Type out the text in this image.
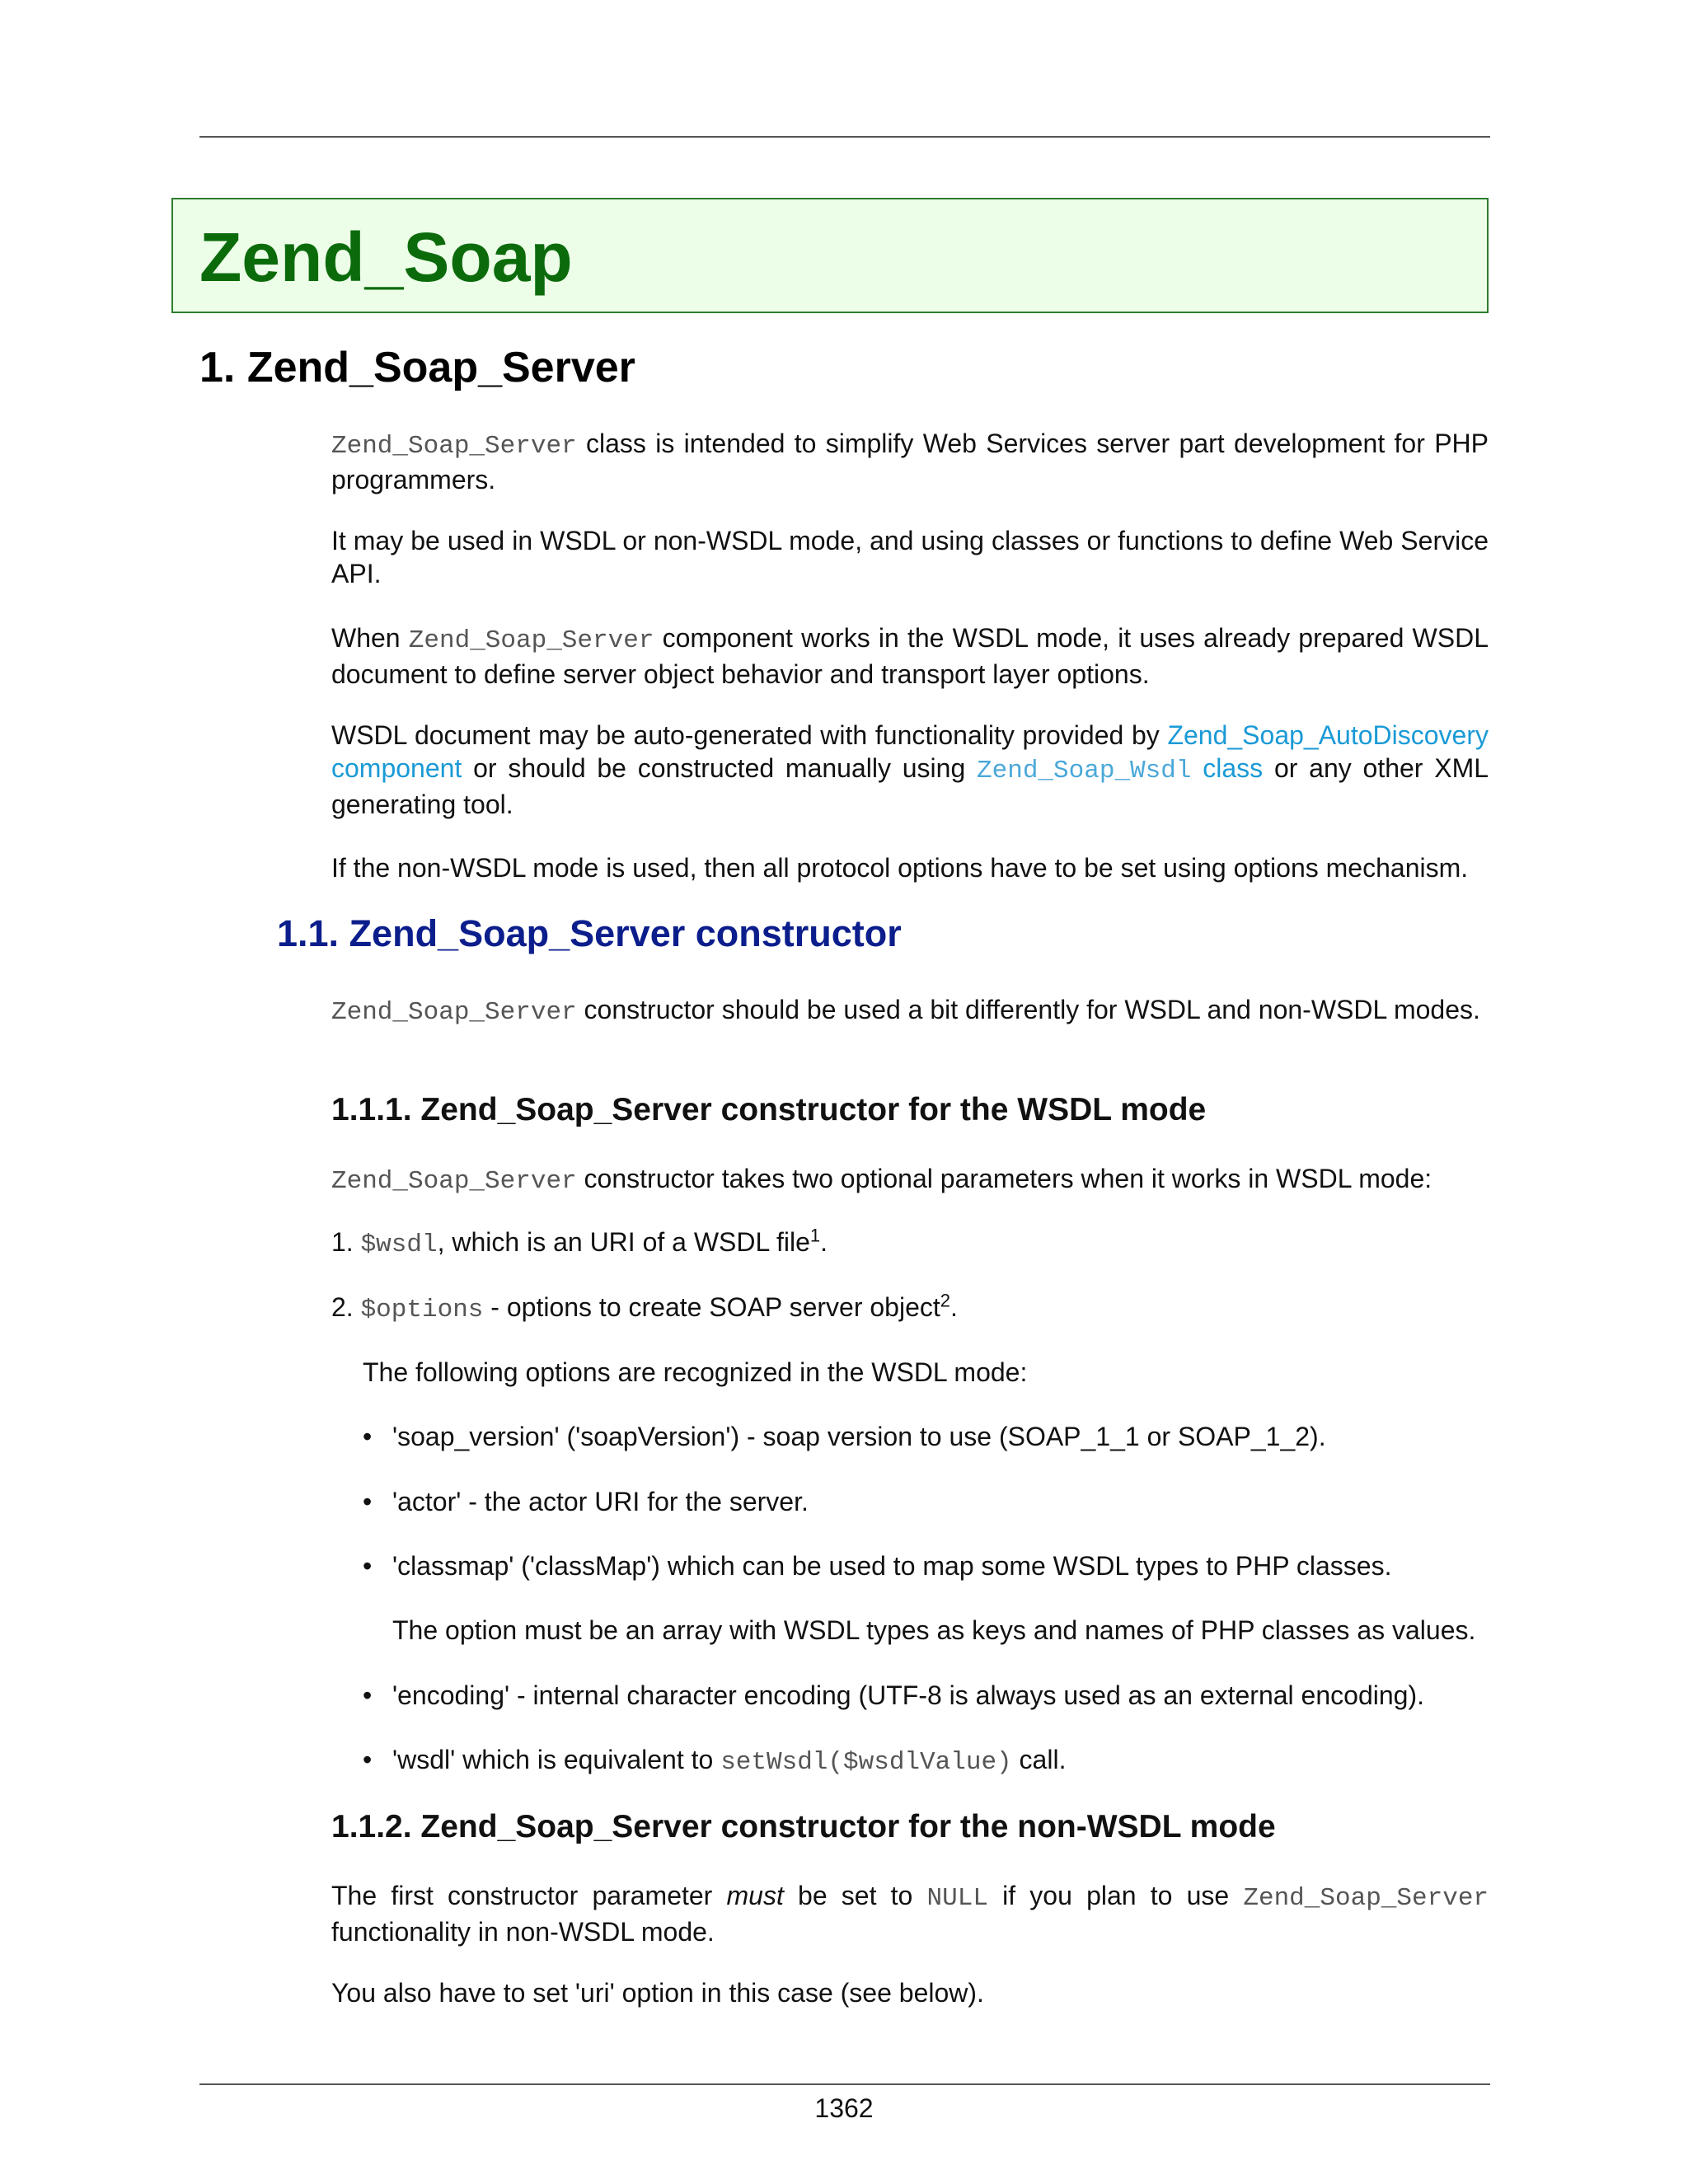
Zend_Soap
1. Zend_Soap_Server

Zend_Soap_Server class is intended to simplify Web Services server part development for PHP programmers.

It may be used in WSDL or non-WSDL mode, and using classes or functions to define Web Service API.

When Zend_Soap_Server component works in the WSDL mode, it uses already prepared WSDL document to define server object behavior and transport layer options.

WSDL document may be auto-generated with functionality provided by Zend_Soap_AutoDiscovery component or should be constructed manually using Zend_Soap_Wsdl class or any other XML generating tool.

If the non-WSDL mode is used, then all protocol options have to be set using options mechanism.

1.1. Zend_Soap_Server constructor

Zend_Soap_Server constructor should be used a bit differently for WSDL and non-WSDL modes.

1.1.1. Zend_Soap_Server constructor for the WSDL mode

Zend_Soap_Server constructor takes two optional parameters when it works in WSDL mode:

1. $wsdl, which is an URI of a WSDL file$^1$.

2. $options - options to create SOAP server object$^2$.

The following options are recognized in the WSDL mode:

• 'soap_version' ('soapVersion') - soap version to use (SOAP_1_1 or SOAP_1_2).

• 'actor' - the actor URI for the server.

• 'classmap' ('classMap') which can be used to map some WSDL types to PHP classes.

The option must be an array with WSDL types as keys and names of PHP classes as values.

• 'encoding' - internal character encoding (UTF-8 is always used as an external encoding).

• 'wsdl' which is equivalent to setWsdl($wsdlValue) call.

1.1.2. Zend_Soap_Server constructor for the non-WSDL mode

The first constructor parameter must be set to NULL if you plan to use Zend_Soap_Server functionality in non-WSDL mode.

You also have to set 'uri' option in this case (see below).

1362
